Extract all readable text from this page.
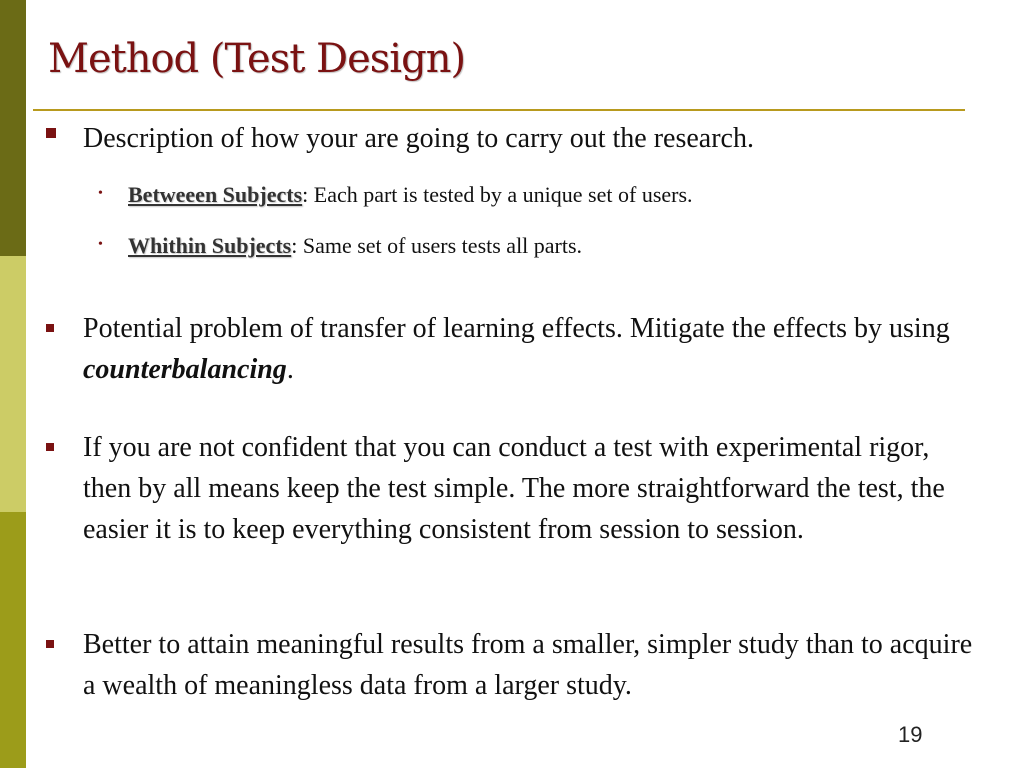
Method (Test Design)
Description of how your are going to carry out the research.
• Betweeen Subjects: Each part is tested by a unique set of users.
• Whithin Subjects: Same set of users tests all parts.
Potential problem of transfer of learning effects. Mitigate the effects by using counterbalancing.
If you are not confident that you can conduct a test with experimental rigor, then by all means keep the test simple. The more straightforward the test, the easier it is to keep everything consistent from session to session.
Better to attain meaningful results from a smaller, simpler study than to acquire a wealth of meaningless data from a larger study.
19
